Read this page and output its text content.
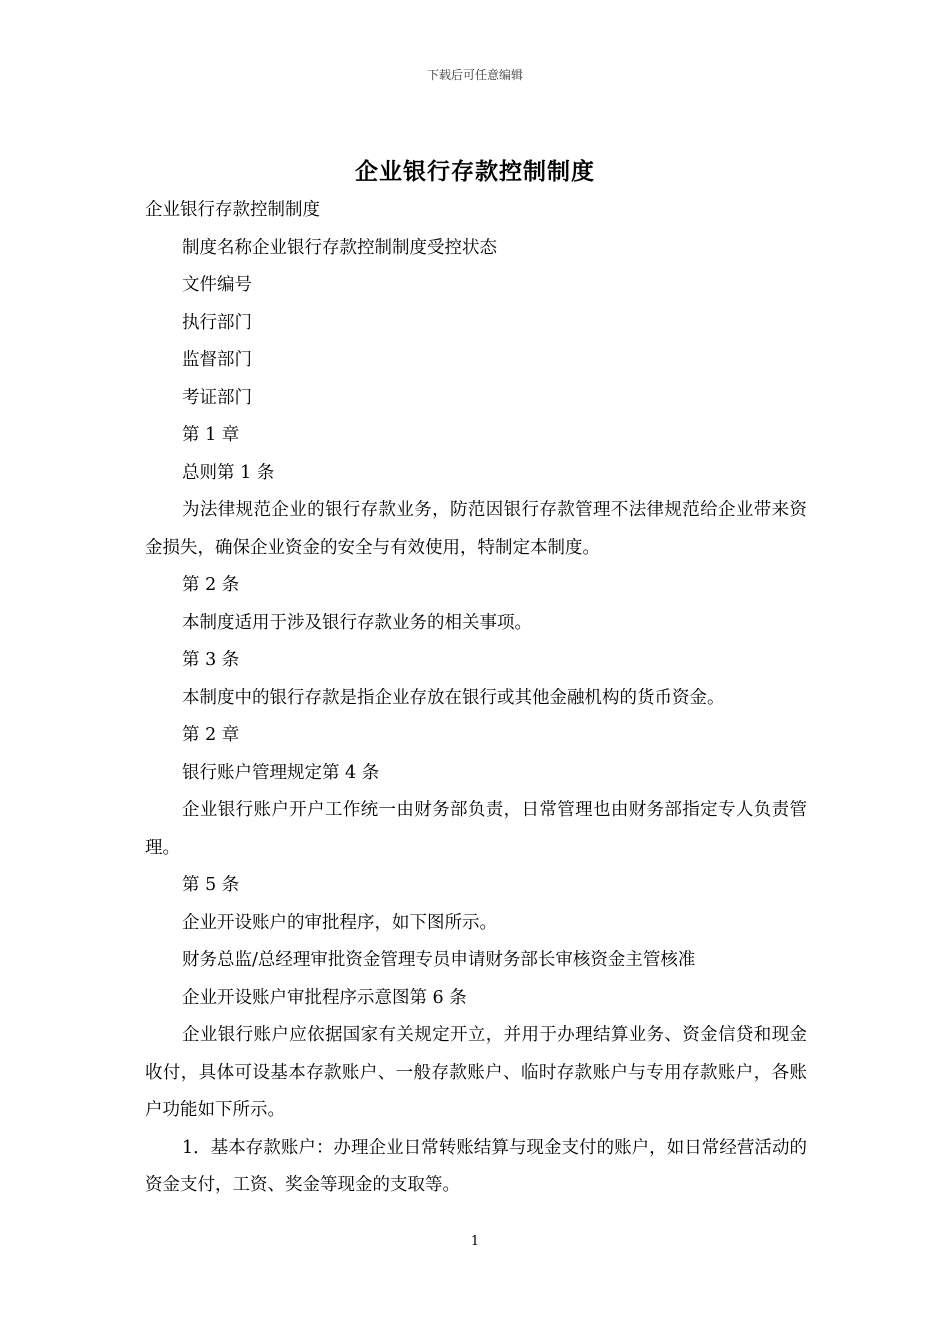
下载后可任意编辑
企业银行存款控制制度

企业银行存款控制制度

制度名称企业银行存款控制制度受控状态

文件编号

执行部门

监督部门

考证部门

第 1 章

总则第 1 条

为法律规范企业的银行存款业务，防范因银行存款管理不法律规范给企业带来资金损失，确保企业资金的安全与有效使用，特制定本制度。

第 2 条

本制度适用于涉及银行存款业务的相关事项。

第 3 条

本制度中的银行存款是指企业存放在银行或其他金融机构的货币资金。

第 2 章

银行账户管理规定第 4 条

企业银行账户开户工作统一由财务部负责，日常管理也由财务部指定专人负责管理。

第 5 条

企业开设账户的审批程序，如下图所示。

财务总监/总经理审批资金管理专员申请财务部长审核资金主管核准

企业开设账户审批程序示意图第 6 条

企业银行账户应依据国家有关规定开立，并用于办理结算业务、资金信贷和现金收付，具体可设基本存款账户、一般存款账户、临时存款账户与专用存款账户，各账户功能如下所示。

1．基本存款账户：办理企业日常转账结算与现金支付的账户，如日常经营活动的资金支付，工资、奖金等现金的支取等。

1
